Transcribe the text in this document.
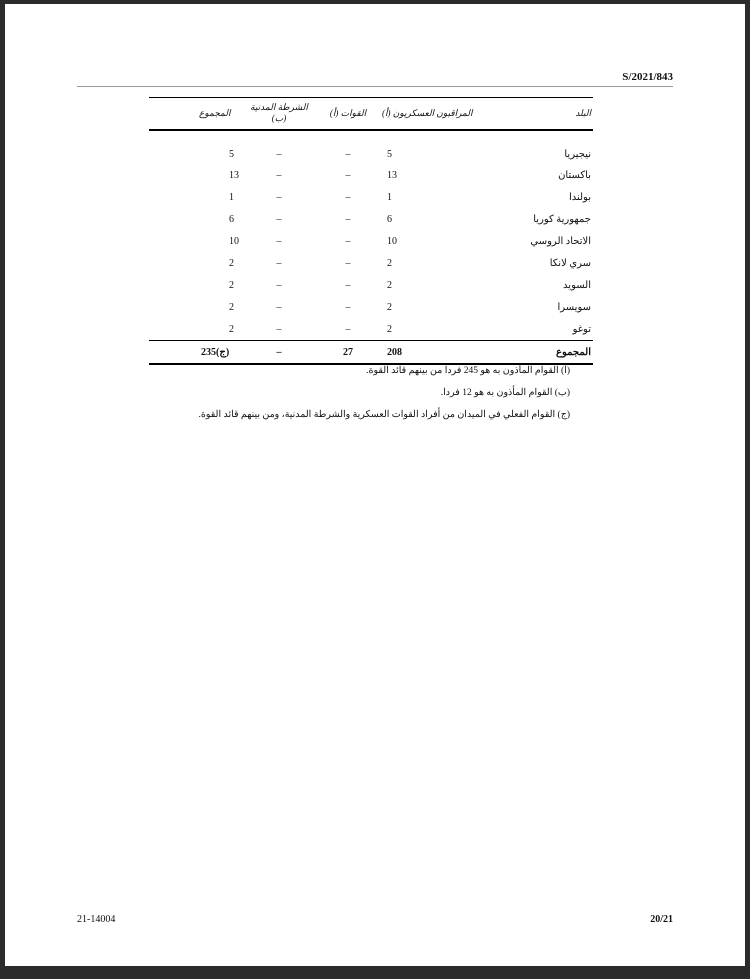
S/2021/843
المجموع	الشرطة المدنية (ب)	القوات (أ)	المراقبون العسكريون (أ)	البلد
5	–	–	5	نيجيريا
13	–	–	13	باكستان
1	–	–	1	بولندا
6	–	–	6	جمهورية كوريا
10	–	–	10	الاتحاد الروسي
2	–	–	2	سري لانكا
2	–	–	2	السويد
2	–	–	2	سويسرا
2	–	–	2	توغو
235(ج)	–	27	208	المجموع
(أ) القوام المأذون به هو 245 فردا من بينهم قائد القوة.
(ب) القوام المأذون به هو 12 فردا.
(ج) القوام الفعلي في الميدان من أفراد القوات العسكرية والشرطة المدنية، ومن بينهم قائد القوة.
21-14004	20/21
